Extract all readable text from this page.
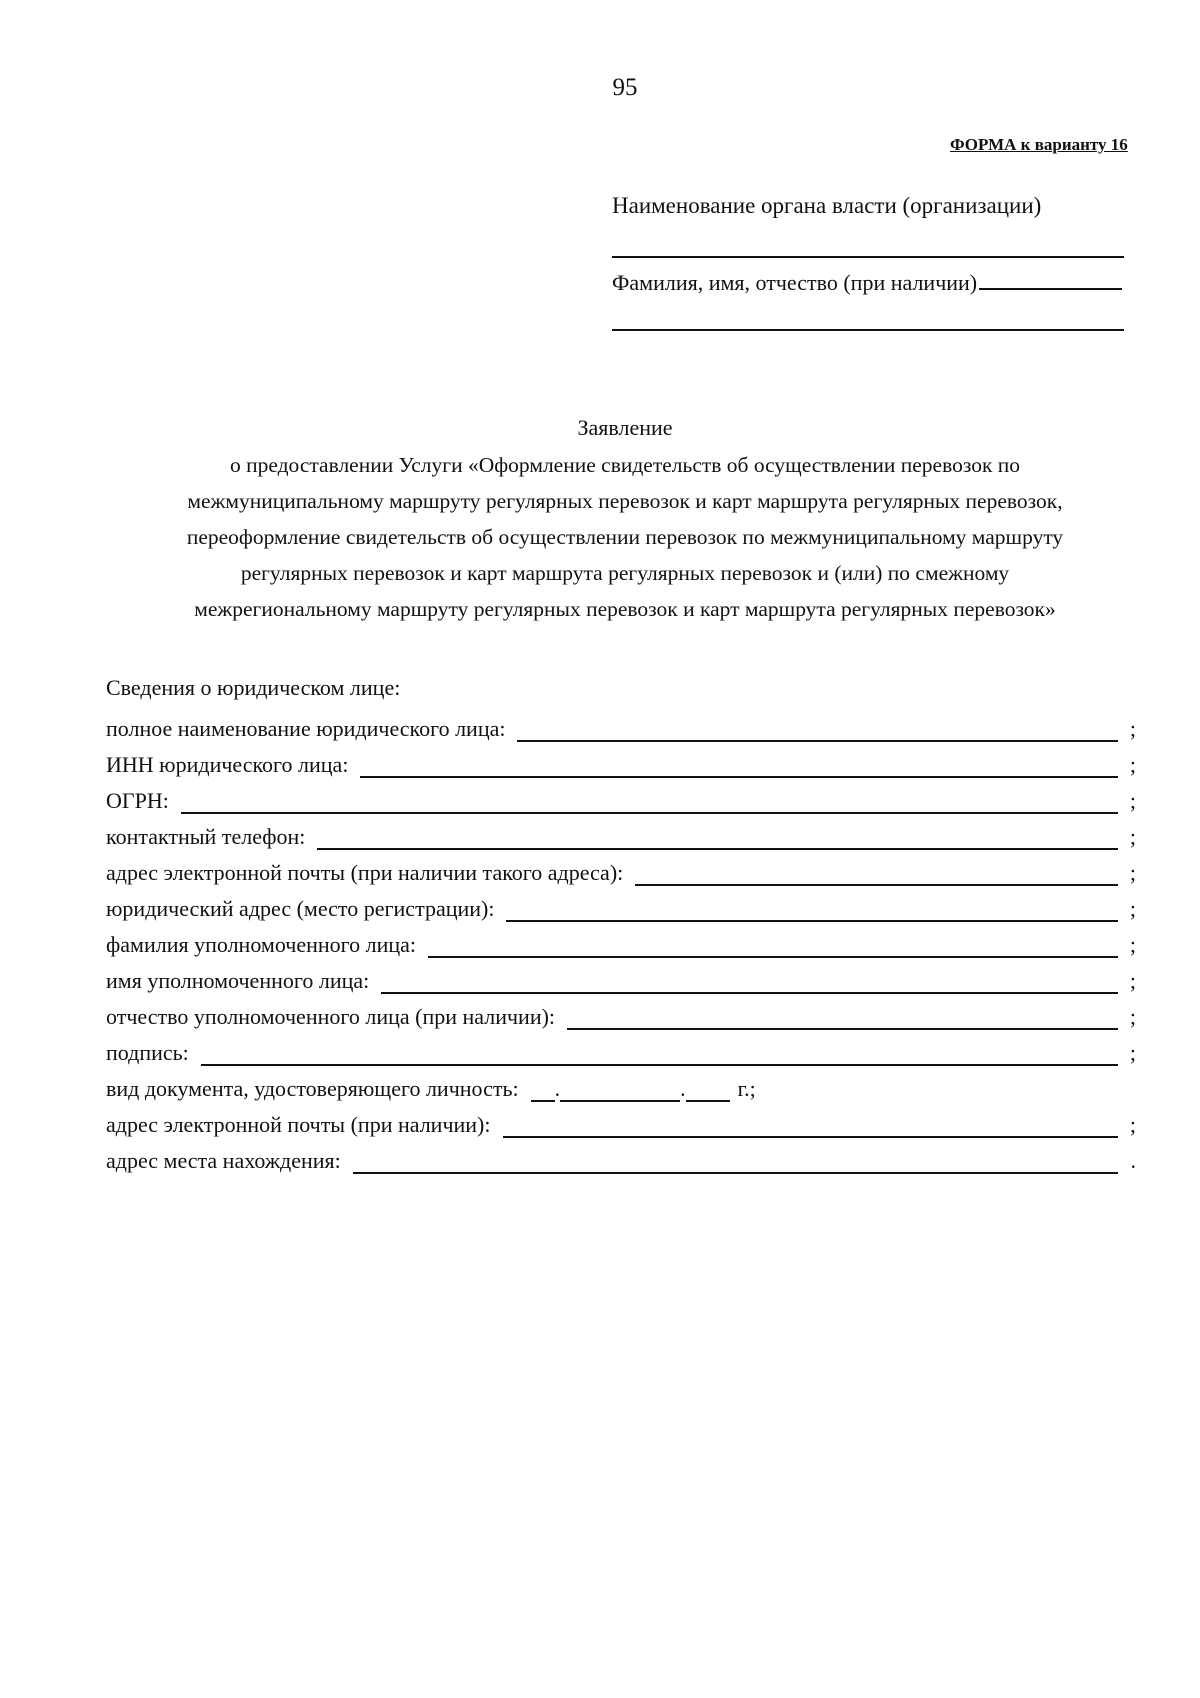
95
ФОРМА к варианту 16
Наименование органа власти (организации)
Фамилия, имя, отчество (при наличии)
Заявление
о предоставлении Услуги «Оформление свидетельств об осуществлении перевозок по
межмуниципальному маршруту регулярных перевозок и карт маршрута регулярных перевозок,
переоформление свидетельств об осуществлении перевозок по межмуниципальному маршруту
регулярных перевозок и карт маршрута регулярных перевозок и (или) по смежному
межрегиональному маршруту регулярных перевозок и карт маршрута регулярных перевозок»
Сведения о юридическом лице:
полное наименование юридического лица:	;
ИНН юридического лица:	;
ОГРН:	;
контактный телефон:	;
адрес электронной почты (при наличии такого адреса):	;
юридический адрес (место регистрации):	;
фамилия уполномоченного лица:	;
имя уполномоченного лица:	;
отчество уполномоченного лица (при наличии):	;
подпись:	;
вид документа, удостоверяющего личность:	.	.	г.;
адрес электронной почты (при наличии):	;
адрес места нахождения:	.
